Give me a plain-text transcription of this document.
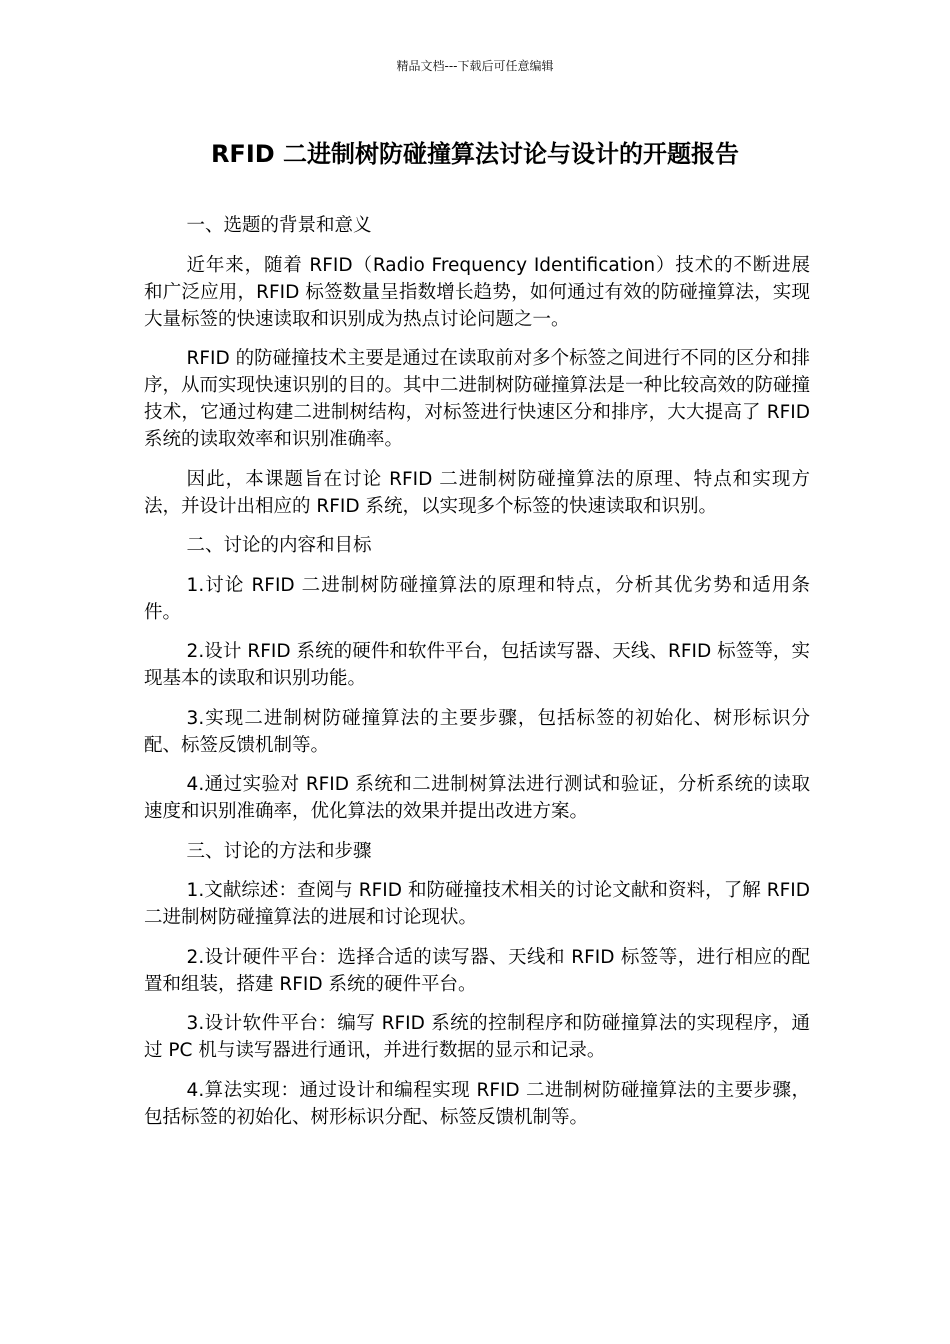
精品文档---下载后可任意编辑
RFID 二进制树防碰撞算法讨论与设计的开题报告

一、选题的背景和意义

近年来，随着 RFID（Radio Frequency Identification）技术的不断进展和广泛应用，RFID 标签数量呈指数增长趋势，如何通过有效的防碰撞算法，实现大量标签的快速读取和识别成为热点讨论问题之一。

RFID 的防碰撞技术主要是通过在读取前对多个标签之间进行不同的区分和排序，从而实现快速识别的目的。其中二进制树防碰撞算法是一种比较高效的防碰撞技术，它通过构建二进制树结构，对标签进行快速区分和排序，大大提高了 RFID 系统的读取效率和识别准确率。

因此，本课题旨在讨论 RFID 二进制树防碰撞算法的原理、特点和实现方法，并设计出相应的 RFID 系统，以实现多个标签的快速读取和识别。

二、讨论的内容和目标

1.讨论 RFID 二进制树防碰撞算法的原理和特点，分析其优劣势和适用条件。

2.设计 RFID 系统的硬件和软件平台，包括读写器、天线、RFID 标签等，实现基本的读取和识别功能。

3.实现二进制树防碰撞算法的主要步骤，包括标签的初始化、树形标识分配、标签反馈机制等。

4.通过实验对 RFID 系统和二进制树算法进行测试和验证，分析系统的读取速度和识别准确率，优化算法的效果并提出改进方案。

三、讨论的方法和步骤

1.文献综述：查阅与 RFID 和防碰撞技术相关的讨论文献和资料，了解 RFID 二进制树防碰撞算法的进展和讨论现状。

2.设计硬件平台：选择合适的读写器、天线和 RFID 标签等，进行相应的配置和组装，搭建 RFID 系统的硬件平台。

3.设计软件平台：编写 RFID 系统的控制程序和防碰撞算法的实现程序，通过 PC 机与读写器进行通讯，并进行数据的显示和记录。

4.算法实现：通过设计和编程实现 RFID 二进制树防碰撞算法的主要步骤，包括标签的初始化、树形标识分配、标签反馈机制等。
